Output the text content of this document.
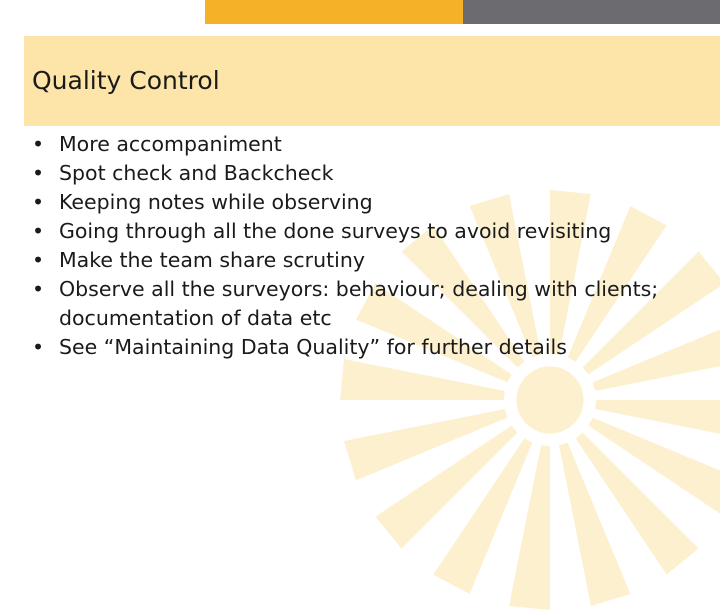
Quality Control
• More accompaniment
• Spot check and Backcheck
• Keeping notes while observing
• Going through all the done surveys to avoid revisiting
• Make the team share scrutiny
• Observe all the surveyors: behaviour; dealing with clients; documentation of data etc
• See “Maintaining Data Quality” for further details
